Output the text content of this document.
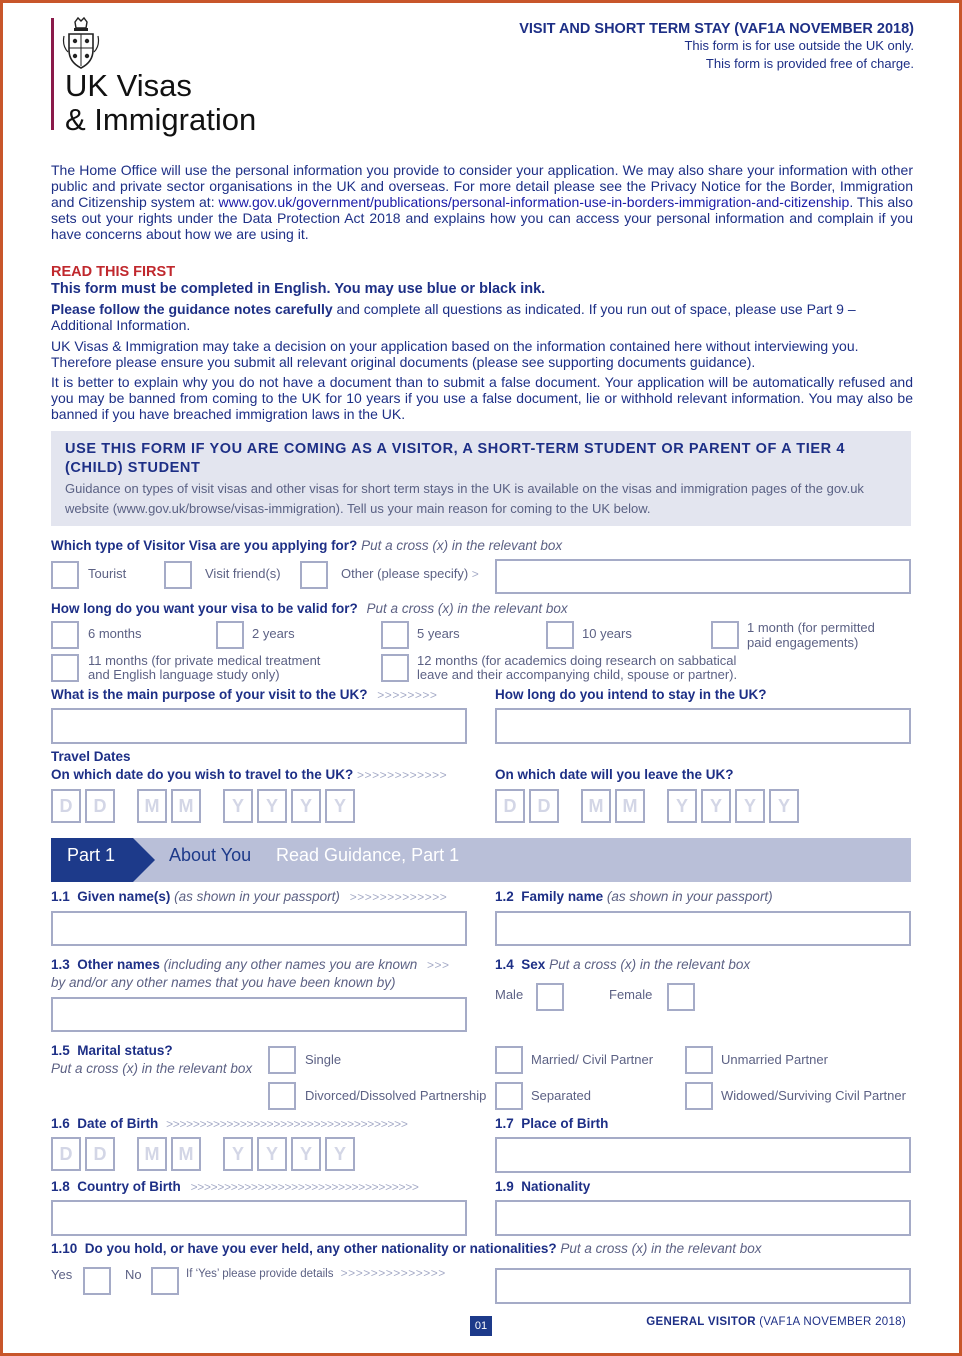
UK Visas
& Immigration
VISIT AND SHORT TERM STAY (VAF1A NOVEMBER 2018)
This form is for use outside the UK only.
This form is provided free of charge.

The Home Office will use the personal information you provide to consider your application. We may also share your information with other public and private sector organisations in the UK and overseas. For more detail please see the Privacy Notice for the Border, Immigration and Citizenship system at: www.gov.uk/government/publications/personal-information-use-in-borders-immigration-and-citizenship. This also sets out your rights under the Data Protection Act 2018 and explains how you can access your personal information and complain if you have concerns about how we are using it.

READ THIS FIRST
This form must be completed in English. You may use blue or black ink.

Please follow the guidance notes carefully and complete all questions as indicated. If you run out of space, please use Part 9 – Additional Information.

UK Visas & Immigration may take a decision on your application based on the information contained here without interviewing you. Therefore please ensure you submit all relevant original documents (please see supporting documents guidance).

It is better to explain why you do not have a document than to submit a false document. Your application will be automatically refused and you may be banned from coming to the UK for 10 years if you use a false document, lie or withhold relevant information. You may also be banned if you have breached immigration laws in the UK.

USE THIS FORM IF YOU ARE COMING AS A VISITOR, A SHORT-TERM STUDENT OR PARENT OF A TIER 4 (CHILD) STUDENT
Guidance on types of visit visas and other visas for short term stays in the UK is available on the visas and immigration pages of the gov.uk website (www.gov.uk/browse/visas-immigration). Tell us your main reason for coming to the UK below.
Which type of Visitor Visa are you applying for? Put a cross (x) in the relevant box
Tourist	Visit friend(s)	Other (please specify) >
How long do you want your visa to be valid for? Put a cross (x) in the relevant box
6 months	2 years	5 years	10 years	1 month (for permitted
paid engagements)
11 months (for private medical treatment
and English language study only)
12 months (for academics doing research on sabbatical
leave and their accompanying child, spouse or partner).
What is the main purpose of your visit to the UK? >>>>>>>>	How long do you intend to stay in the UK?
Travel Dates
On which date do you wish to travel to the UK? >>>>>>>>>>>>	On which date will you leave the UK?
D	D	M	M	Y	Y	Y	Y	D	D	M	M	Y	Y	Y	Y
Part 1	About You Read Guidance, Part 1
1.1 Given name(s) (as shown in your passport) >>>>>>>>>>>>>	1.2 Family name (as shown in your passport)
1.3 Other names (including any other names you are known >>>
by and/or any other names that you have been known by)
1.4 Sex Put a cross (x) in the relevant box
Male	Female
1.5 Marital status?
Put a cross (x) in the relevant box
Single	Married/ Civil Partner	Unmarried Partner
Divorced/Dissolved Partnership	Separated	Widowed/Surviving Civil Partner
1.6 Date of Birth >>>>>>>>>>>>>>>>>>>>>>>>>>>>>>>>>>>>	1.7 Place of Birth
D	D	M	M	Y	Y	Y	Y
1.8 Country of Birth >>>>>>>>>>>>>>>>>>>>>>>>>>>>>>>>>>	1.9 Nationality
1.10 Do you hold, or have you ever held, any other nationality or nationalities? Put a cross (x) in the relevant box
Yes	No	If ‘Yes’ please provide details >>>>>>>>>>>>>>
01	GENERAL VISITOR (VAF1A NOVEMBER 2018)
